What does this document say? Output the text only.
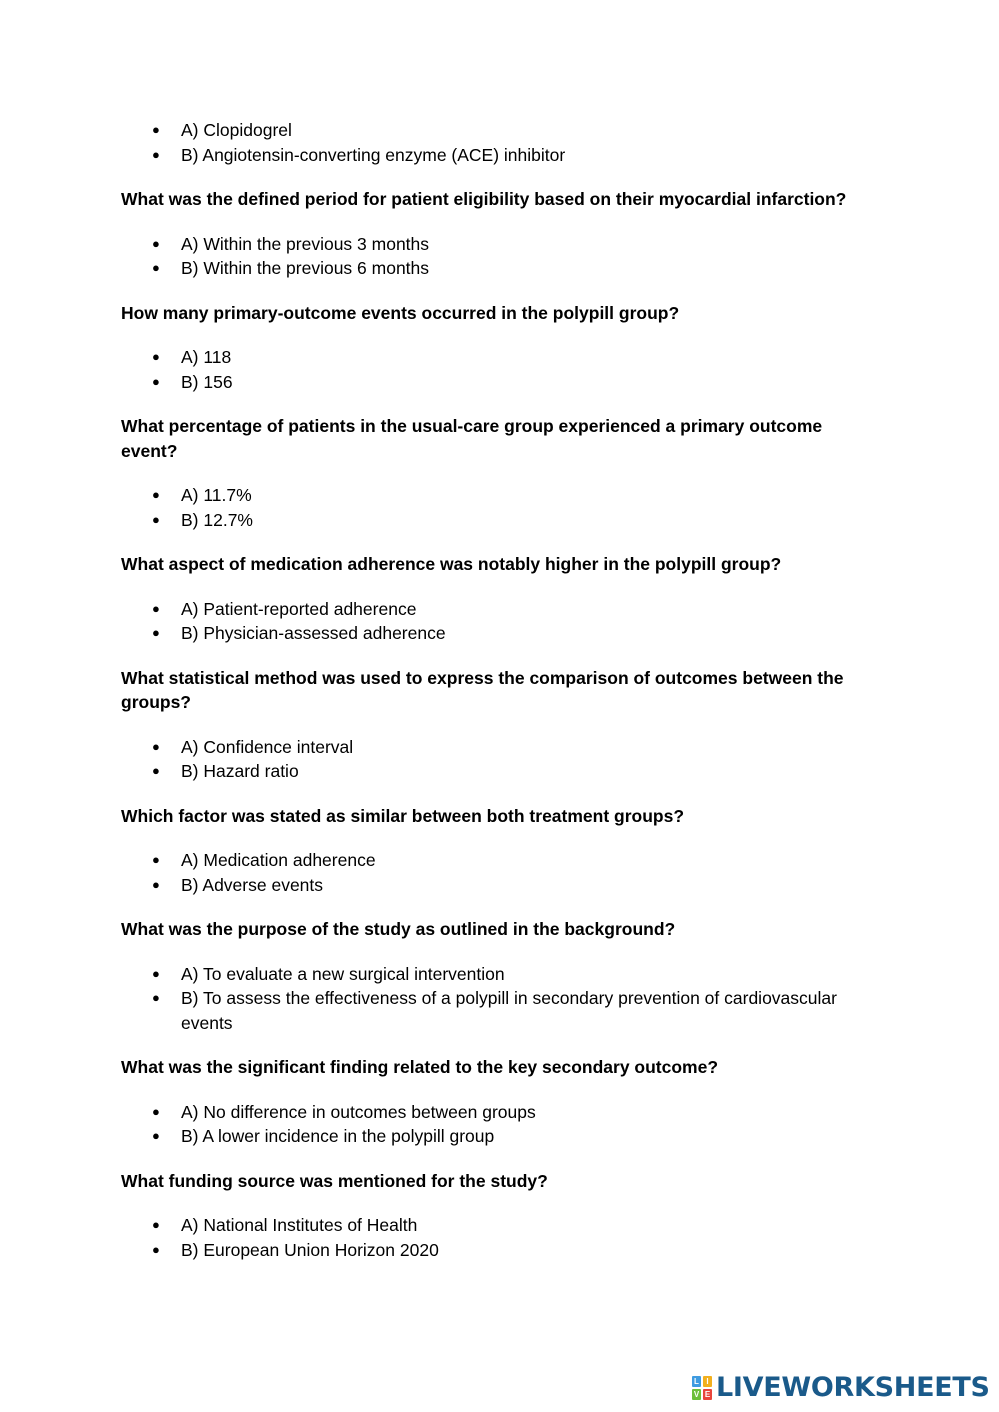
● A) Clopidogrel
● B) Angiotensin-converting enzyme (ACE) inhibitor

What was the defined period for patient eligibility based on their myocardial infarction?

● A) Within the previous 3 months
● B) Within the previous 6 months

How many primary-outcome events occurred in the polypill group?

● A) 118
● B) 156

What percentage of patients in the usual-care group experienced a primary outcome event?

● A) 11.7%
● B) 12.7%

What aspect of medication adherence was notably higher in the polypill group?

● A) Patient-reported adherence
● B) Physician-assessed adherence

What statistical method was used to express the comparison of outcomes between the groups?

● A) Confidence interval
● B) Hazard ratio

Which factor was stated as similar between both treatment groups?

● A) Medication adherence
● B) Adverse events

What was the purpose of the study as outlined in the background?

● A) To evaluate a new surgical intervention
● B) To assess the effectiveness of a polypill in secondary prevention of cardiovascular events

What was the significant finding related to the key secondary outcome?

● A) No difference in outcomes between groups
● B) A lower incidence in the polypill group

What funding source was mentioned for the study?

● A) National Institutes of Health
● B) European Union Horizon 2020
L I
V E LIVEWORKSHEETS
